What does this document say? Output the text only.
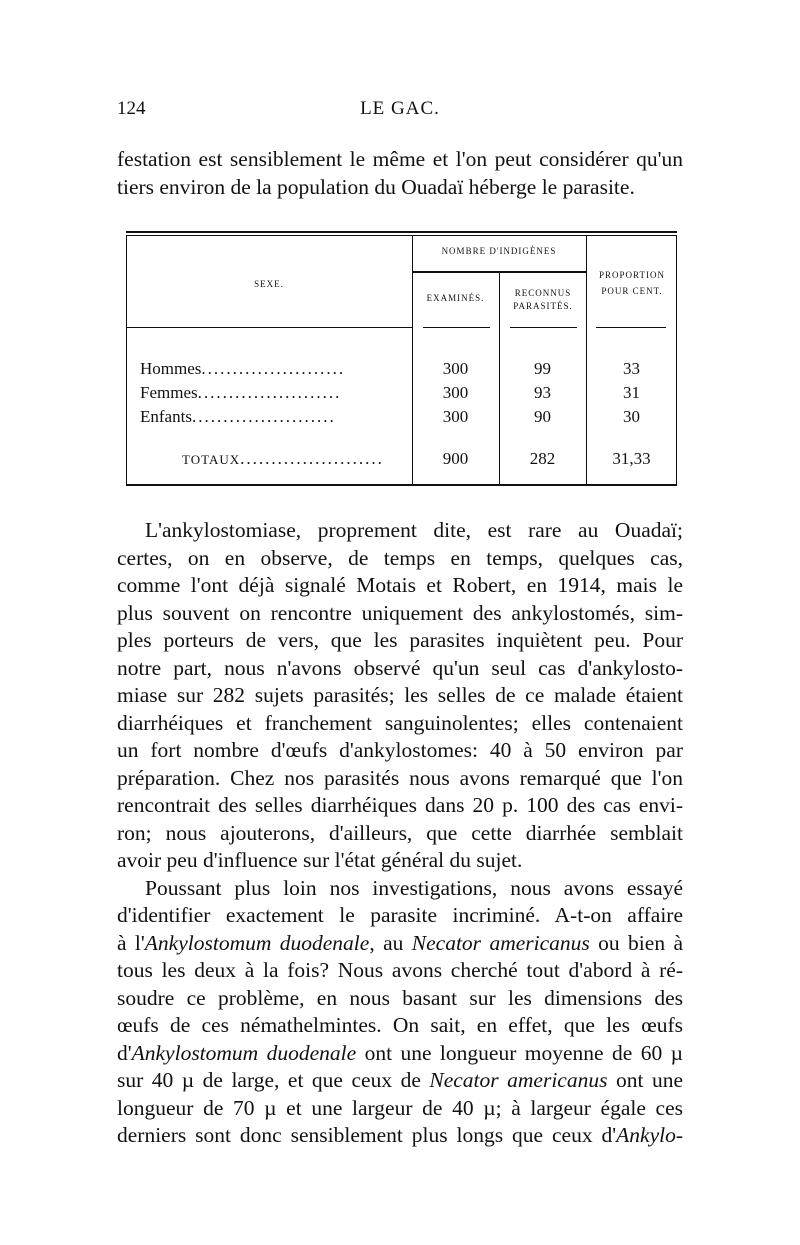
124	LE GAC.
festation est sensiblement le même et l'on peut considérer qu'un
tiers environ de la population du Ouadaï héberge le parasite.
SEXE.
NOMBRE D'INDIGÈNES
EXAMINÉS.	RECONNUS PARASITÉS.
PROPORTION POUR CENT.
Hommes.......................	300	99	33
Femmes.......................	300	93	31
Enfants.......................	300	90	30
TOTAUX.......................	900	282	31,33
L'ankylostomiase, proprement dite, est rare au Ouadaï;
certes, on en observe, de temps en temps, quelques cas,
comme l'ont déjà signalé Motais et Robert, en 1914, mais le
plus souvent on rencontre uniquement des ankylostomés, sim-
ples porteurs de vers, que les parasites inquiètent peu. Pour
notre part, nous n'avons observé qu'un seul cas d'ankylosto-
miase sur 282 sujets parasités; les selles de ce malade étaient
diarrhéiques et franchement sanguinolentes; elles contenaient
un fort nombre d'œufs d'ankylostomes: 40 à 50 environ par
préparation. Chez nos parasités nous avons remarqué que l'on
rencontrait des selles diarrhéiques dans 20 p. 100 des cas envi-
ron; nous ajouterons, d'ailleurs, que cette diarrhée semblait
avoir peu d'influence sur l'état général du sujet.
Poussant plus loin nos investigations, nous avons essayé
d'identifier exactement le parasite incriminé. A-t-on affaire
à l'Ankylostomum duodenale, au Necator americanus ou bien à
tous les deux à la fois? Nous avons cherché tout d'abord à ré-
soudre ce problème, en nous basant sur les dimensions des
œufs de ces némathelmintes. On sait, en effet, que les œufs
d'Ankylostomum duodenale ont une longueur moyenne de 60 µ
sur 40 µ de large, et que ceux de Necator americanus ont une
longueur de 70 µ et une largeur de 40 µ; à largeur égale ces
derniers sont donc sensiblement plus longs que ceux d'Ankylo-
